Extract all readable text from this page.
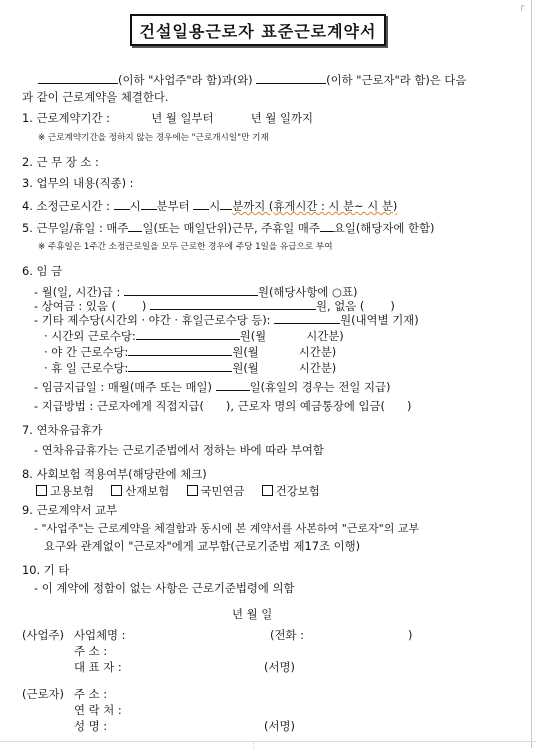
┌
건설일용근로자 표준근로계약서
(이하 "사업주"라 함)과(와)	(이하 "근로자"라 함)은 다음
과 같이 근로계약을 체결한다.
1. 근로계약기간 :	년 월 일부터	년 월 일까지
※ 근로계약기간을 정하지 않는 경우에는 "근로개시일"만 기재
2. 근 무 장 소 :
3. 업무의 내용(직종) :
4. 소정근로시간 : 시 분부터 시 분까지 (휴게시간 : 시 분~ 시 분)
5. 근무일/휴일 : 매주 일(또는 매일단위)근무, 주휴일 매주 요일(해당자에 한함)
※ 주휴일은 1주간 소정근로일을 모두 근로한 경우에 주당 1일을 유급으로 부여
6. 임 금
- 월(일, 시간)급 :	원(해당사항에 ○표)
- 상여금 : 있음 ( )	원, 없음 ( )
- 기타 제수당(시간외 · 야간 · 휴일근로수당 등):	원(내역별 기재)
· 시간외 근로수당:	원(월	시간분)
· 야 간 근로수당:	원(월	시간분)
· 휴 일 근로수당:	원(월	시간분)
- 임금지급일 : 매월(매주 또는 매일)	일(휴일의 경우는 전일 지급)
- 지급방법 : 근로자에게 직접지급( ), 근로자 명의 예금통장에 입금( )
7. 연차유급휴가
- 연차유급휴가는 근로기준법에서 정하는 바에 따라 부여함
8. 사회보험 적용여부(해당란에 체크)
고용보험	산재보험	국민연금	건강보험
9. 근로계약서 교부
- "사업주"는 근로계약을 체결함과 동시에 본 계약서를 사본하여 "근로자"의 교부
요구와 관계없이 "근로자"에게 교부함(근로기준법 제17조 이행)
10. 기 타
- 이 계약에 정함이 없는 사항은 근로기준법령에 의함
년 월 일
(사업주) 사업체명 :	(전화 :	)
주 소 :
대 표 자 :	(서명)
(근로자) 주 소 :
연 락 처 :
성 명 :	(서명)
⋮
